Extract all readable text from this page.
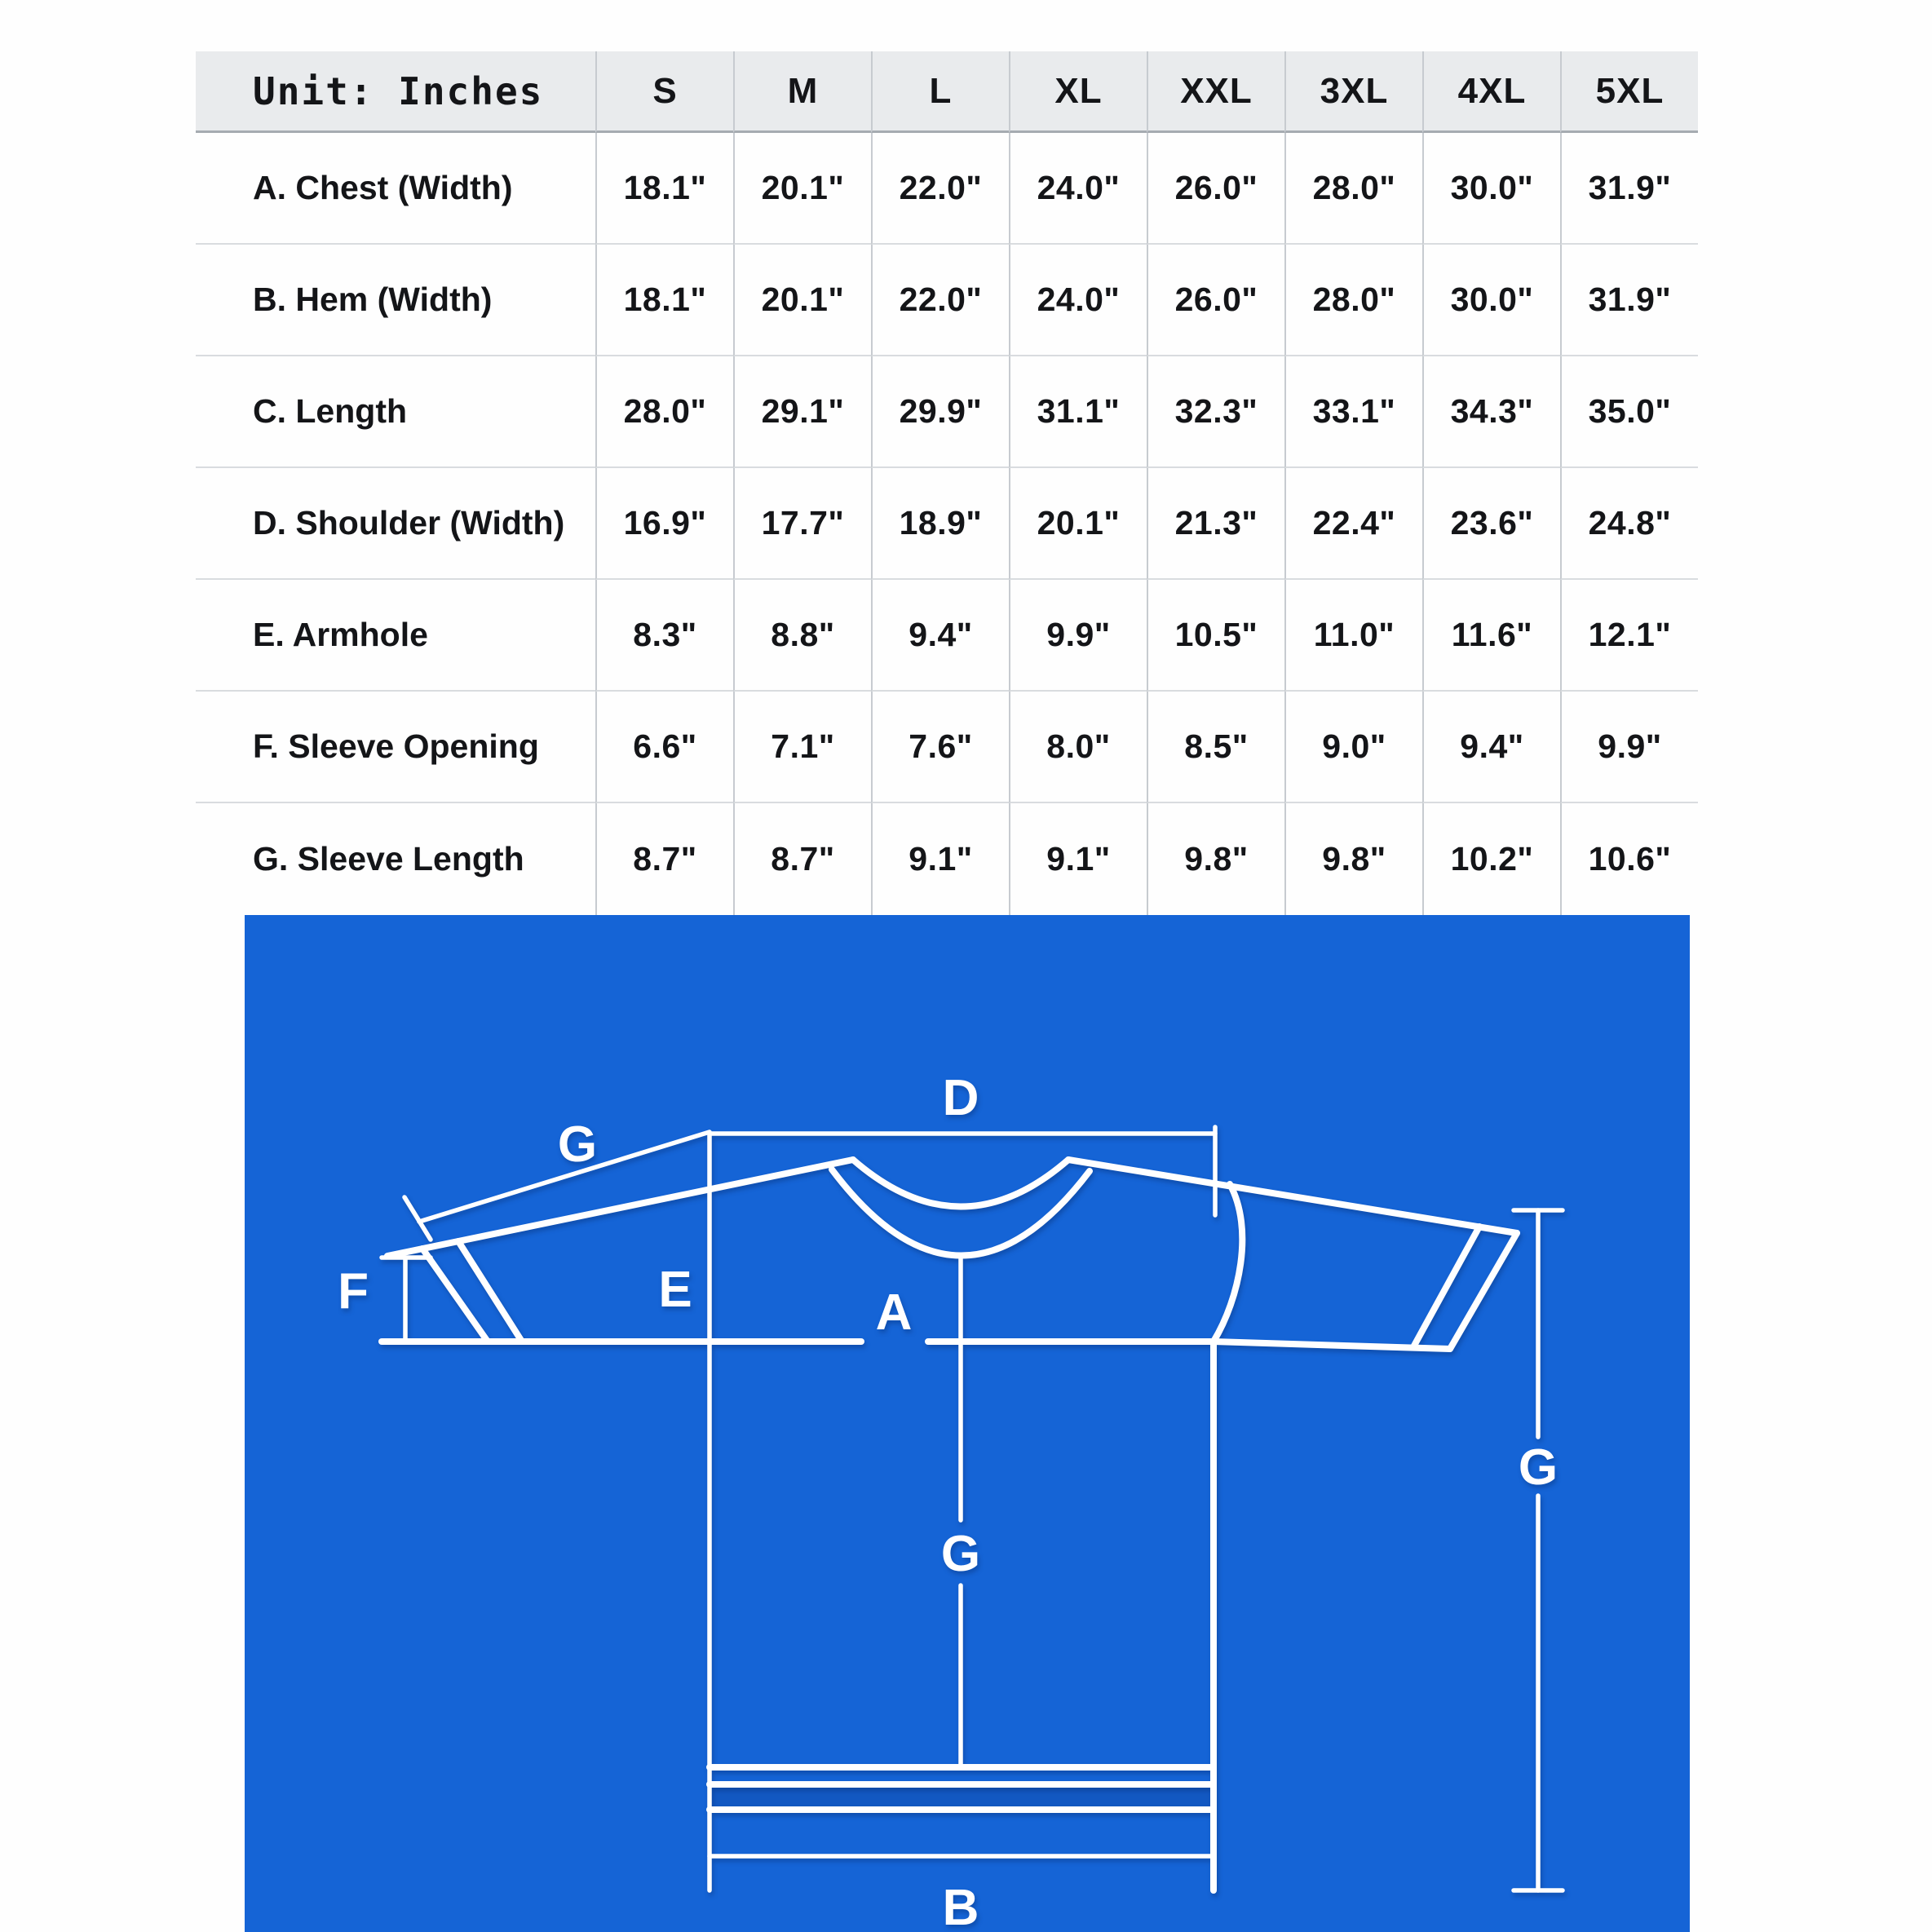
Unit: Inches	S	M	L	XL	XXL	3XL	4XL	5XL
A. Chest (Width)	18.1"	20.1"	22.0"	24.0"	26.0"	28.0"	30.0"	31.9"
B. Hem (Width)	18.1"	20.1"	22.0"	24.0"	26.0"	28.0"	30.0"	31.9"
C. Length	28.0"	29.1"	29.9"	31.1"	32.3"	33.1"	34.3"	35.0"
D. Shoulder (Width)	16.9"	17.7"	18.9"	20.1"	21.3"	22.4"	23.6"	24.8"
E. Armhole	8.3"	8.8"	9.4"	9.9"	10.5"	11.0"	11.6"	12.1"
F. Sleeve Opening	6.6"	7.1"	7.6"	8.0"	8.5"	9.0"	9.4"	9.9"
G. Sleeve Length	8.7"	8.7"	9.1"	9.1"	9.8"	9.8"	10.2"	10.6"
D
G
E
F	A
G
B
G
